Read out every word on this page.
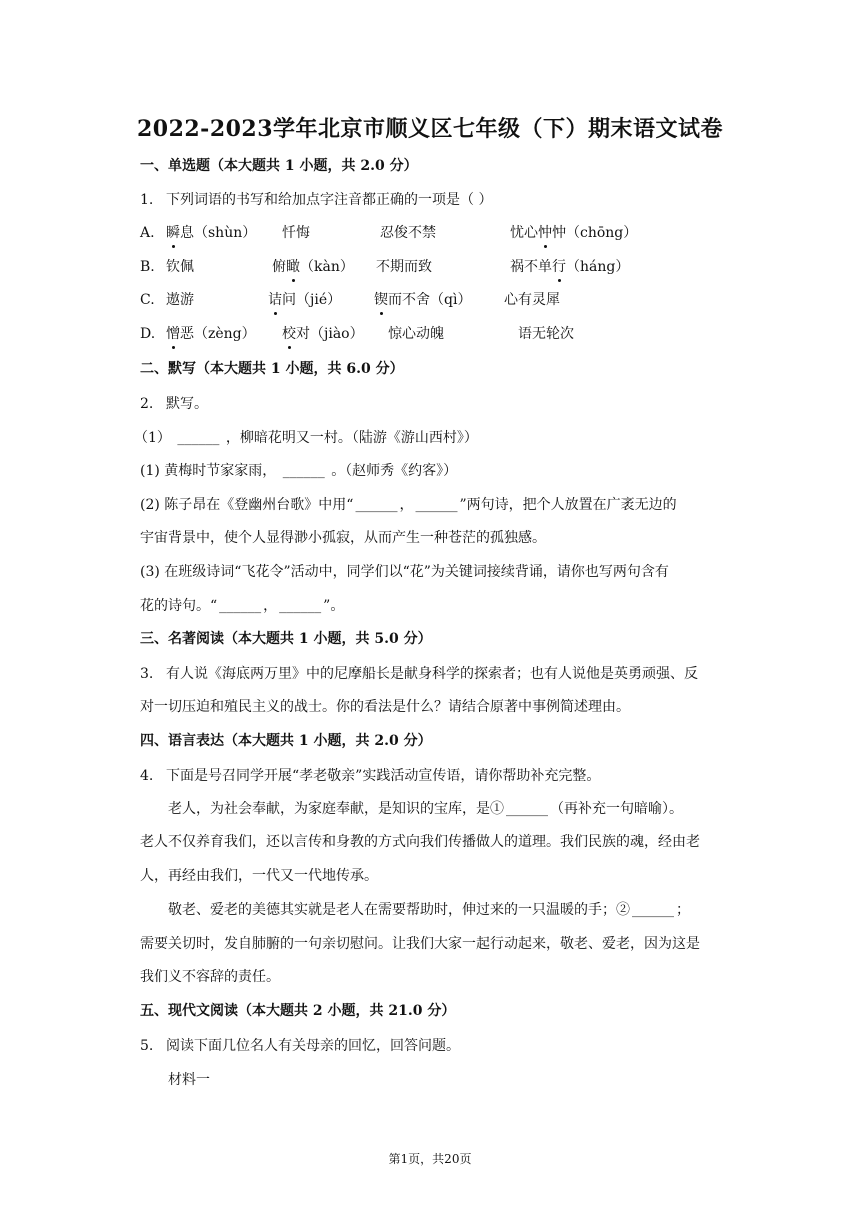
2022-2023学年北京市顺义区七年级（下）期末语文试卷
一、单选题（本大题共 1 小题，共 2.0 分）
1. 下列词语的书写和给加点字注音都正确的一项是（ ）
A. 瞬息（shùn） 忏悔	忍俊不禁	忧心忡忡（chōng）
B. 钦佩	俯瞰（kàn） 不期而致	祸不单行（háng）
C. 遨游	诘问（jié） 锲而不舍（qì） 心有灵犀
D. 憎恶（zèng） 校对（jiào） 惊心动魄	语无轮次
二、默写（本大题共 1 小题，共 6.0 分）
2. 默写。
（1） ______ ，柳暗花明又一村。（陆游《游山西村》）
(1) 黄梅时节家家雨， ______ 。（赵师秀《约客》）
(2) 陈子昂在《登幽州台歌》中用“ ______ ， ______ ”两句诗，把个人放置在广袤无边的
宇宙背景中，使个人显得渺小孤寂，从而产生一种苍茫的孤独感。
(3) 在班级诗词“飞花令”活动中，同学们以“花”为关键词接续背诵，请你也写两句含有
花的诗句。“ ______ ， ______ ”。
三、名著阅读（本大题共 1 小题，共 5.0 分）
3. 有人说《海底两万里》中的尼摩船长是献身科学的探索者；也有人说他是英勇顽强、反
对一切压迫和殖民主义的战士。你的看法是什么？请结合原著中事例简述理由。
四、语言表达（本大题共 1 小题，共 2.0 分）
4. 下面是号召同学开展“孝老敬亲”实践活动宣传语，请你帮助补充完整。
老人，为社会奉献，为家庭奉献，是知识的宝库，是① ______ （再补充一句暗喻）。
老人不仅养育我们，还以言传和身教的方式向我们传播做人的道理。我们民族的魂，经由老
人，再经由我们，一代又一代地传承。
敬老、爱老的美德其实就是老人在需要帮助时，伸过来的一只温暖的手；② ______ ；
需要关切时，发自肺腑的一句亲切慰问。让我们大家一起行动起来，敬老、爱老，因为这是
我们义不容辞的责任。
五、现代文阅读（本大题共 2 小题，共 21.0 分）
5. 阅读下面几位名人有关母亲的回忆，回答问题。
材料一
第1页，共20页
